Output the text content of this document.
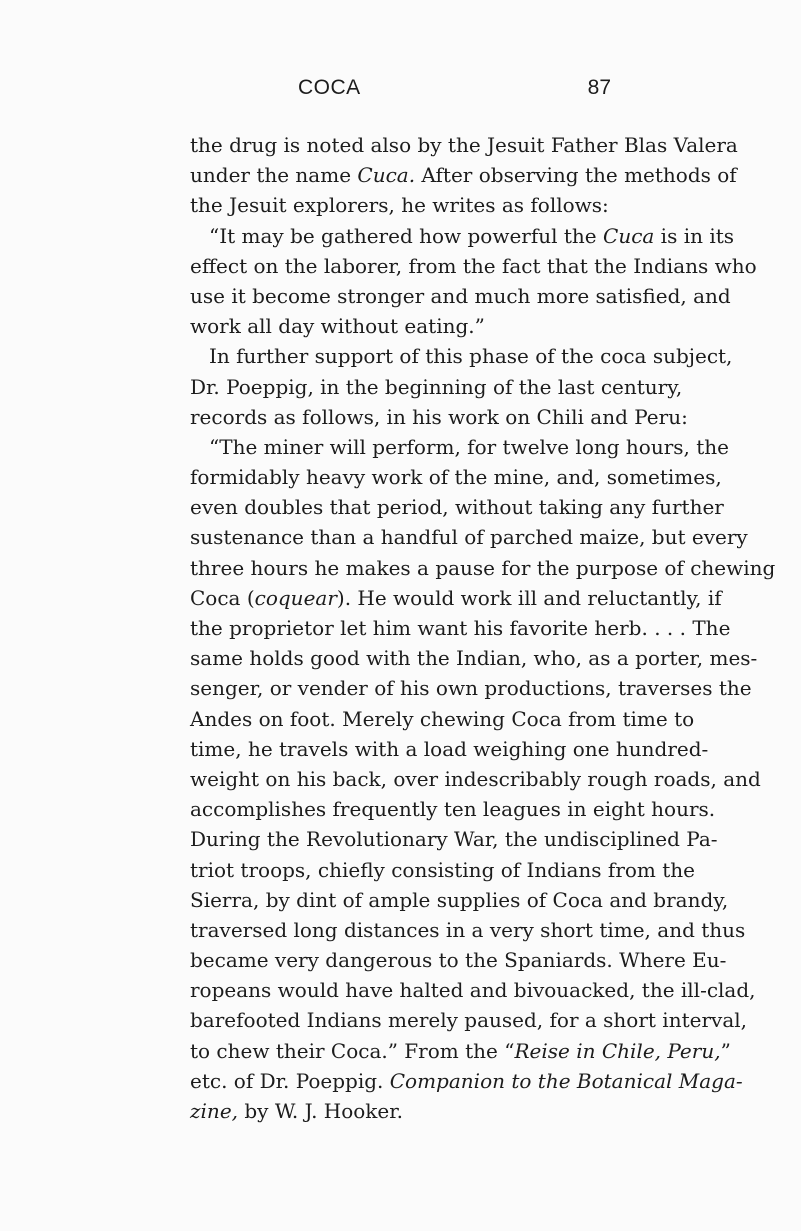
COCA	87
the drug is noted also by the Jesuit Father Blas Valera
under the name Cuca. After observing the methods of
the Jesuit explorers, he writes as follows:
“It may be gathered how powerful the Cuca is in its
effect on the laborer, from the fact that the Indians who
use it become stronger and much more satisfied, and
work all day without eating.”
In further support of this phase of the coca subject,
Dr. Poeppig, in the beginning of the last century,
records as follows, in his work on Chili and Peru:
“The miner will perform, for twelve long hours, the
formidably heavy work of the mine, and, sometimes,
even doubles that period, without taking any further
sustenance than a handful of parched maize, but every
three hours he makes a pause for the purpose of chewing
Coca (coquear). He would work ill and reluctantly, if
the proprietor let him want his favorite herb. . . . The
same holds good with the Indian, who, as a porter, mes-
senger, or vender of his own productions, traverses the
Andes on foot. Merely chewing Coca from time to
time, he travels with a load weighing one hundred-
weight on his back, over indescribably rough roads, and
accomplishes frequently ten leagues in eight hours.
During the Revolutionary War, the undisciplined Pa-
triot troops, chiefly consisting of Indians from the
Sierra, by dint of ample supplies of Coca and brandy,
traversed long distances in a very short time, and thus
became very dangerous to the Spaniards. Where Eu-
ropeans would have halted and bivouacked, the ill-clad,
barefooted Indians merely paused, for a short interval,
to chew their Coca.” From the “Reise in Chile, Peru,”
etc. of Dr. Poeppig. Companion to the Botanical Maga-
zine, by W. J. Hooker.
